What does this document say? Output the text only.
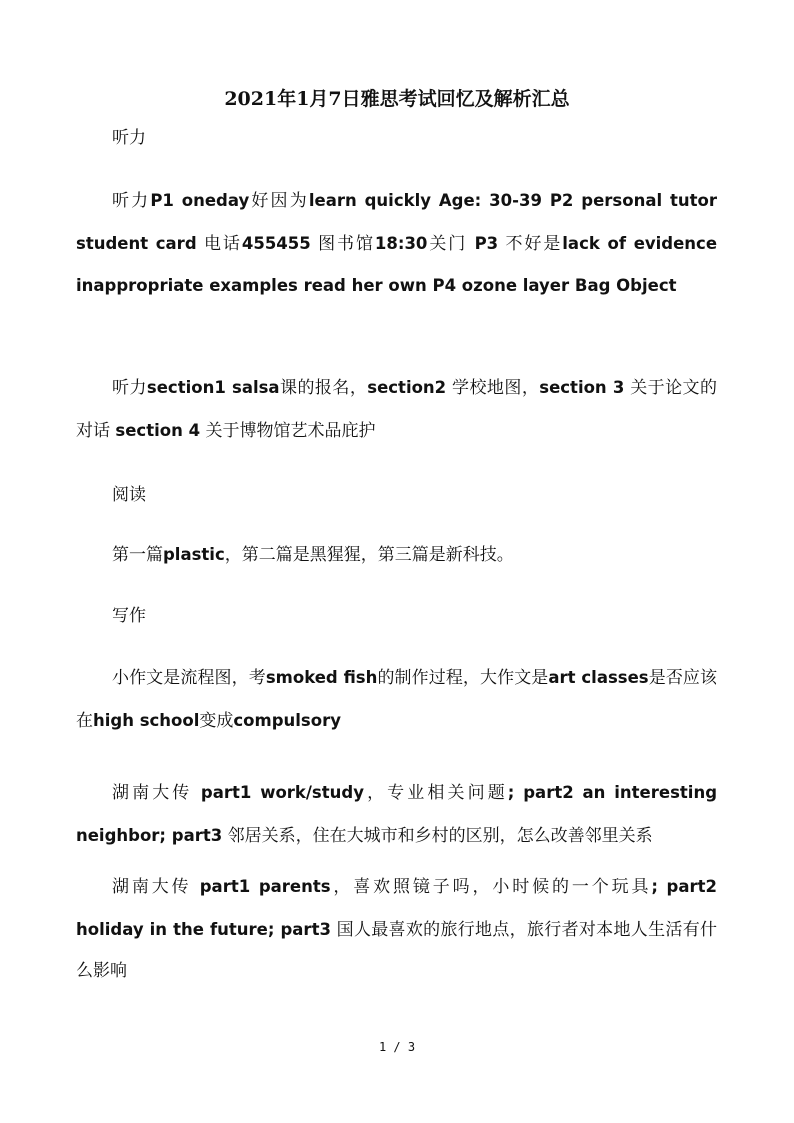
2021年1月7日雅思考试回忆及解析汇总
听力
听力P1 oneday好因为learn quickly Age: 30-39 P2 personal tutor student card 电话455455 图书馆18:30关门 P3 不好是lack of evidence inappropriate examples read her own P4 ozone layer Bag Object
听力section1 salsa课的报名，section2 学校地图，section 3 关于论文的对话 section 4 关于博物馆艺术品庇护
阅读
第一篇plastic，第二篇是黑猩猩，第三篇是新科技。
写作
小作文是流程图，考smoked fish的制作过程，大作文是art classes是否应该在high school变成compulsory
湖南大传 part1 work/study，专业相关问题; part2 an interesting neighbor; part3 邻居关系，住在大城市和乡村的区别，怎么改善邻里关系
湖南大传 part1 parents，喜欢照镜子吗，小时候的一个玩具; part2 holiday in the future; part3 国人最喜欢的旅行地点，旅行者对本地人生活有什么影响
1 / 3
